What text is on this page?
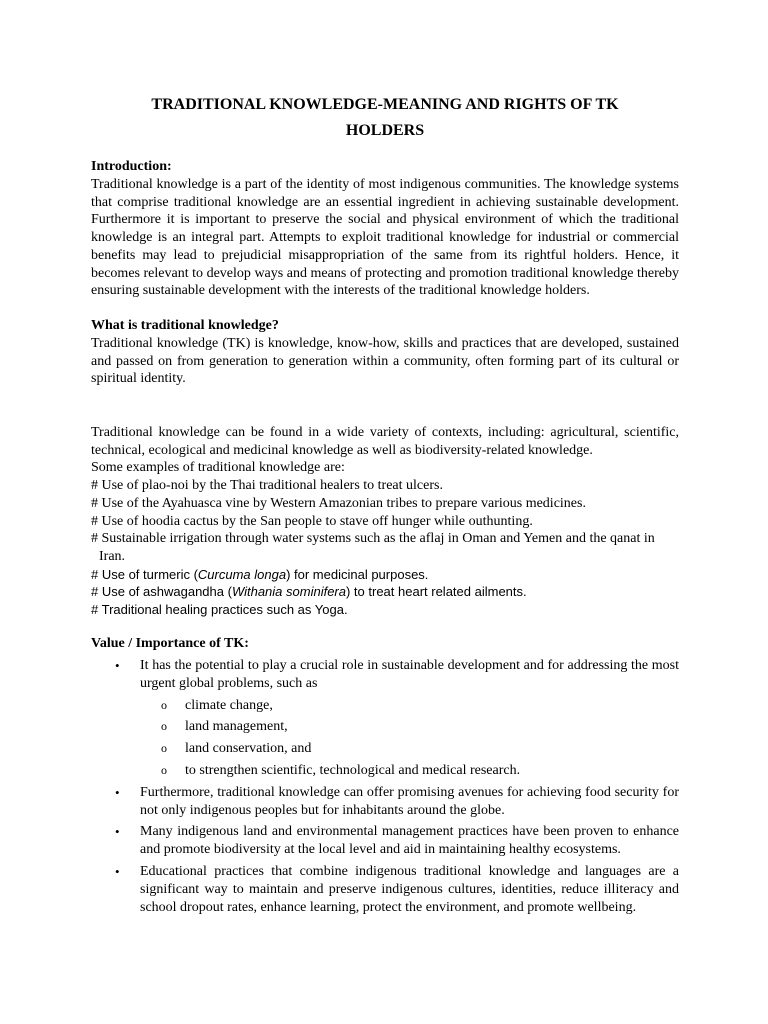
TRADITIONAL KNOWLEDGE-MEANING AND RIGHTS OF TK
HOLDERS
Introduction:

Traditional knowledge is a part of the identity of most indigenous communities. The knowledge systems that comprise traditional knowledge are an essential ingredient in achieving sustainable development. Furthermore it is important to preserve the social and physical environment of which the traditional knowledge is an integral part. Attempts to exploit traditional knowledge for industrial or commercial benefits may lead to prejudicial misappropriation of the same from its rightful holders. Hence, it becomes relevant to develop ways and means of protecting and promotion traditional knowledge thereby ensuring sustainable development with the interests of the traditional knowledge holders.

What is traditional knowledge?

Traditional knowledge (TK) is knowledge, know-how, skills and practices that are developed, sustained and passed on from generation to generation within a community, often forming part of its cultural or spiritual identity.

Traditional knowledge can be found in a wide variety of contexts, including: agricultural, scientific, technical, ecological and medicinal knowledge as well as biodiversity-related knowledge.

Some examples of traditional knowledge are:

# Use of plao-noi by the Thai traditional healers to treat ulcers.

# Use of the Ayahuasca vine by Western Amazonian tribes to prepare various medicines.

# Use of hoodia cactus by the San people to stave off hunger while outhunting.

# Sustainable irrigation through water systems such as the aflaj in Oman and Yemen and the qanat in Iran.

# Use of turmeric (Curcuma longa) for medicinal purposes.

# Use of ashwagandha (Withania sominifera) to treat heart related ailments.

# Traditional healing practices such as Yoga.

Value / Importance of TK:
• It has the potential to play a crucial role in sustainable development and for addressing the most urgent global problems, such as
o climate change,
o land management,
o land conservation, and
o to strengthen scientific, technological and medical research.
• Furthermore, traditional knowledge can offer promising avenues for achieving food security for not only indigenous peoples but for inhabitants around the globe.
• Many indigenous land and environmental management practices have been proven to enhance and promote biodiversity at the local level and aid in maintaining healthy ecosystems.
• Educational practices that combine indigenous traditional knowledge and languages are a significant way to maintain and preserve indigenous cultures, identities, reduce illiteracy and school dropout rates, enhance learning, protect the environment, and promote wellbeing.
